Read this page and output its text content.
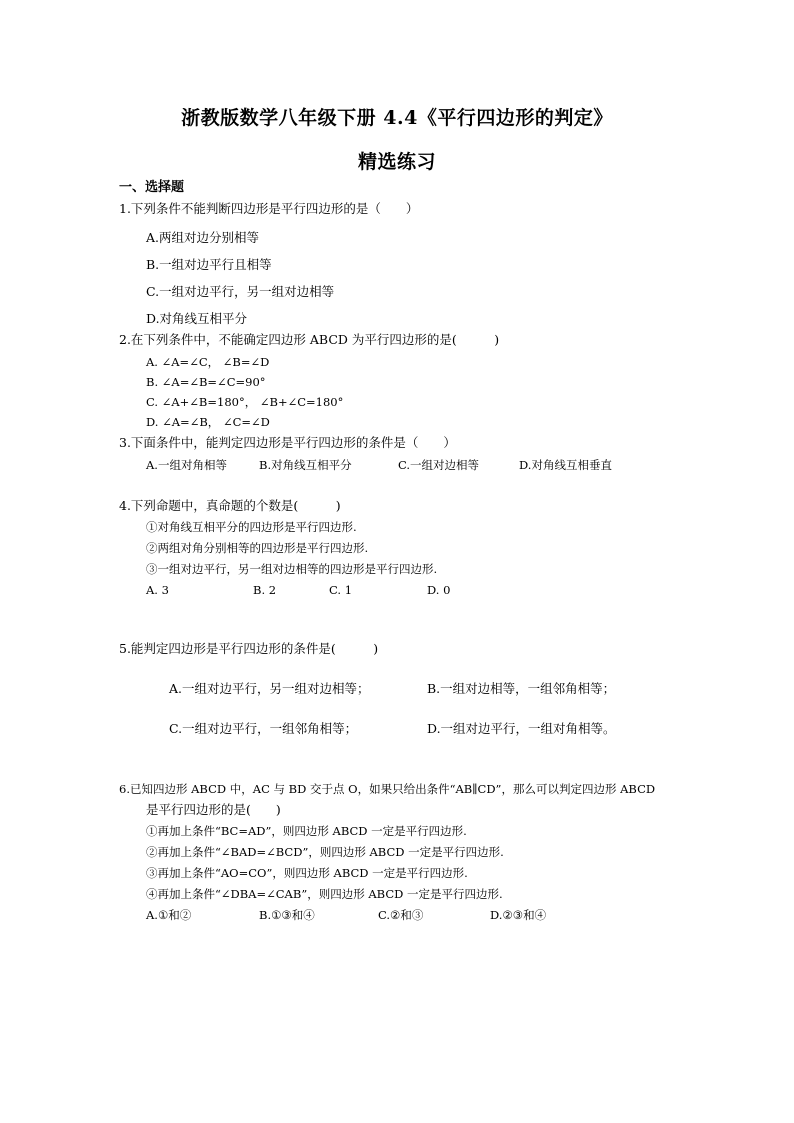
浙教版数学八年级下册 4.4《平行四边形的判定》
精选练习
一、选择题
1.下列条件不能判断四边形是平行四边形的是（　　）
A.两组对边分别相等
B.一组对边平行且相等
C.一组对边平行，另一组对边相等
D.对角线互相平分
2.在下列条件中，不能确定四边形 ABCD 为平行四边形的是(　　　)
A. ∠A=∠C， ∠B=∠D
B. ∠A=∠B=∠C=90°
C. ∠A+∠B=180°， ∠B+∠C=180°
D. ∠A=∠B， ∠C=∠D
3.下面条件中，能判定四边形是平行四边形的条件是（　　）
A.一组对角相等	B.对角线互相平分	C.一组对边相等	D.对角线互相垂直
4.下列命题中，真命题的个数是(　　　)
①对角线互相平分的四边形是平行四边形.
②两组对角分别相等的四边形是平行四边形.
③一组对边平行，另一组对边相等的四边形是平行四边形.
A. 3	B. 2	C. 1	D. 0
5.能判定四边形是平行四边形的条件是(　　　)
A.一组对边平行，另一组对边相等；	B.一组对边相等，一组邻角相等；
C.一组对边平行，一组邻角相等；	D.一组对边平行，一组对角相等。
6.已知四边形 ABCD 中，AC 与 BD 交于点 O，如果只给出条件“AB∥CD”，那么可以判定四边形 ABCD
是平行四边形的是(　　)
①再加上条件“BC=AD”，则四边形 ABCD 一定是平行四边形.
②再加上条件“∠BAD=∠BCD”，则四边形 ABCD 一定是平行四边形.
③再加上条件“AO=CO”，则四边形 ABCD 一定是平行四边形.
④再加上条件“∠DBA=∠CAB”，则四边形 ABCD 一定是平行四边形.
A.①和②	B.①③和④	C.②和③	D.②③和④
